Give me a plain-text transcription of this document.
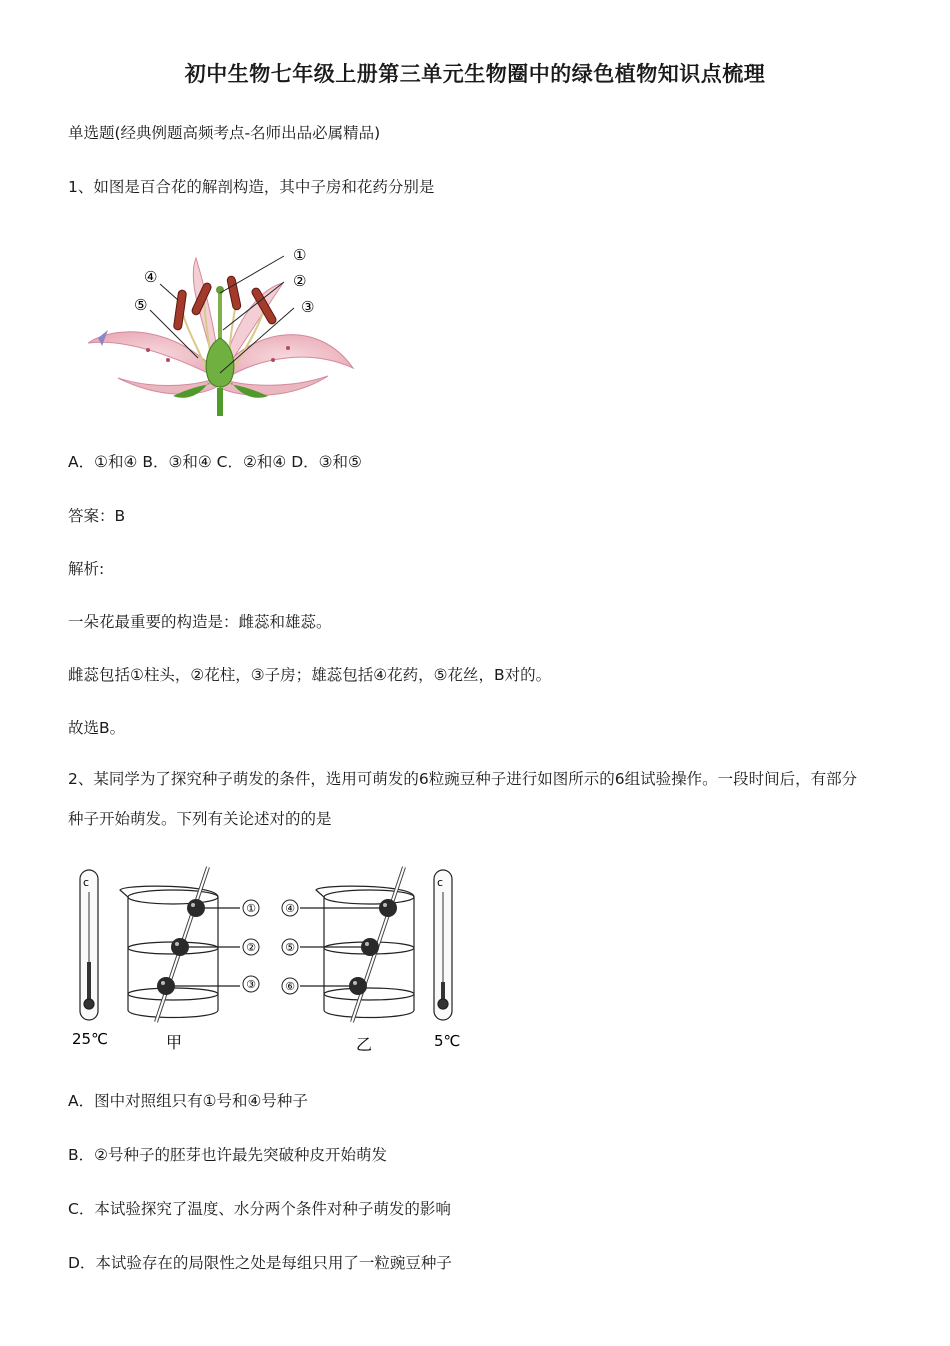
初中生物七年级上册第三单元生物圈中的绿色植物知识点梳理
单选题(经典例题高频考点-名师出品必属精品)
1、如图是百合花的解剖构造，其中子房和花药分别是
①
②
③
④
⑤
A．①和④ B．③和④ C．②和④ D．③和⑤
答案：B
解析:
一朵花最重要的构造是：雌蕊和雄蕊。
雌蕊包括①柱头，②花柱，③子房；雄蕊包括④花药，⑤花丝，B对的。
故选B。
2、某同学为了探究种子萌发的条件，选用可萌发的6粒豌豆种子进行如图所示的6组试验操作。一段时间后，有部分种子开始萌发。下列有关论述对的的是
①
②
③
④
⑤
⑥
c	c
25℃	5℃
甲	乙
A．图中对照组只有①号和④号种子
B．②号种子的胚芽也许最先突破种皮开始萌发
C．本试验探究了温度、水分两个条件对种子萌发的影响
D．本试验存在的局限性之处是每组只用了一粒豌豆种子
